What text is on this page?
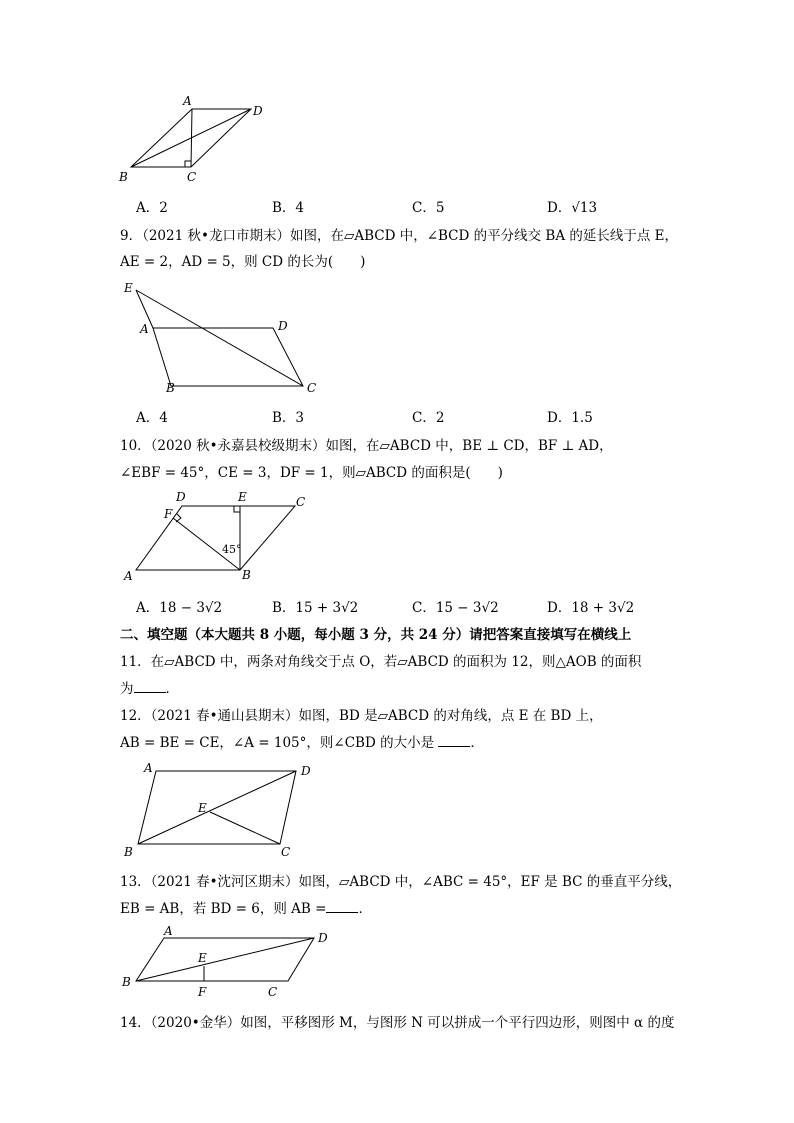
A
D
B	C
A．2	B．4	C．5	D．√13
9．（2021 秋•龙口市期末）如图，在▱ABCD 中，∠BCD 的平分线交 BA 的延长线于点 E，
AE = 2，AD = 5，则 CD 的长为(　　)
E
A	D
B	C
A．4	B．3	C．2	D．1.5
10．（2020 秋•永嘉县校级期末）如图，在▱ABCD 中，BE ⊥ CD，BF ⊥ AD，
∠EBF = 45°，CE = 3，DF = 1，则▱ABCD 的面积是(　　)
D	E	C
F
45°
A	B
A．18 − 3√2	B．15 + 3√2	C．15 − 3√2	D．18 + 3√2
二、填空题（本大题共 8 小题，每小题 3 分，共 24 分）请把答案直接填写在横线上
11．在▱ABCD 中，两条对角线交于点 O，若▱ABCD 的面积为 12，则△AOB 的面积
为 ．
12．（2021 春•通山县期末）如图，BD 是▱ABCD 的对角线，点 E 在 BD 上，
AB = BE = CE，∠A = 105°，则∠CBD 的大小是	．
A	D
E
B	C
13．（2021 春•沈河区期末）如图，▱ABCD 中，∠ABC = 45°，EF 是 BC 的垂直平分线，
EB = AB，若 BD = 6，则 AB = ．
A	D
E
B
F	C
14．（2020•金华）如图，平移图形 M，与图形 N 可以拼成一个平行四边形，则图中 α 的度
